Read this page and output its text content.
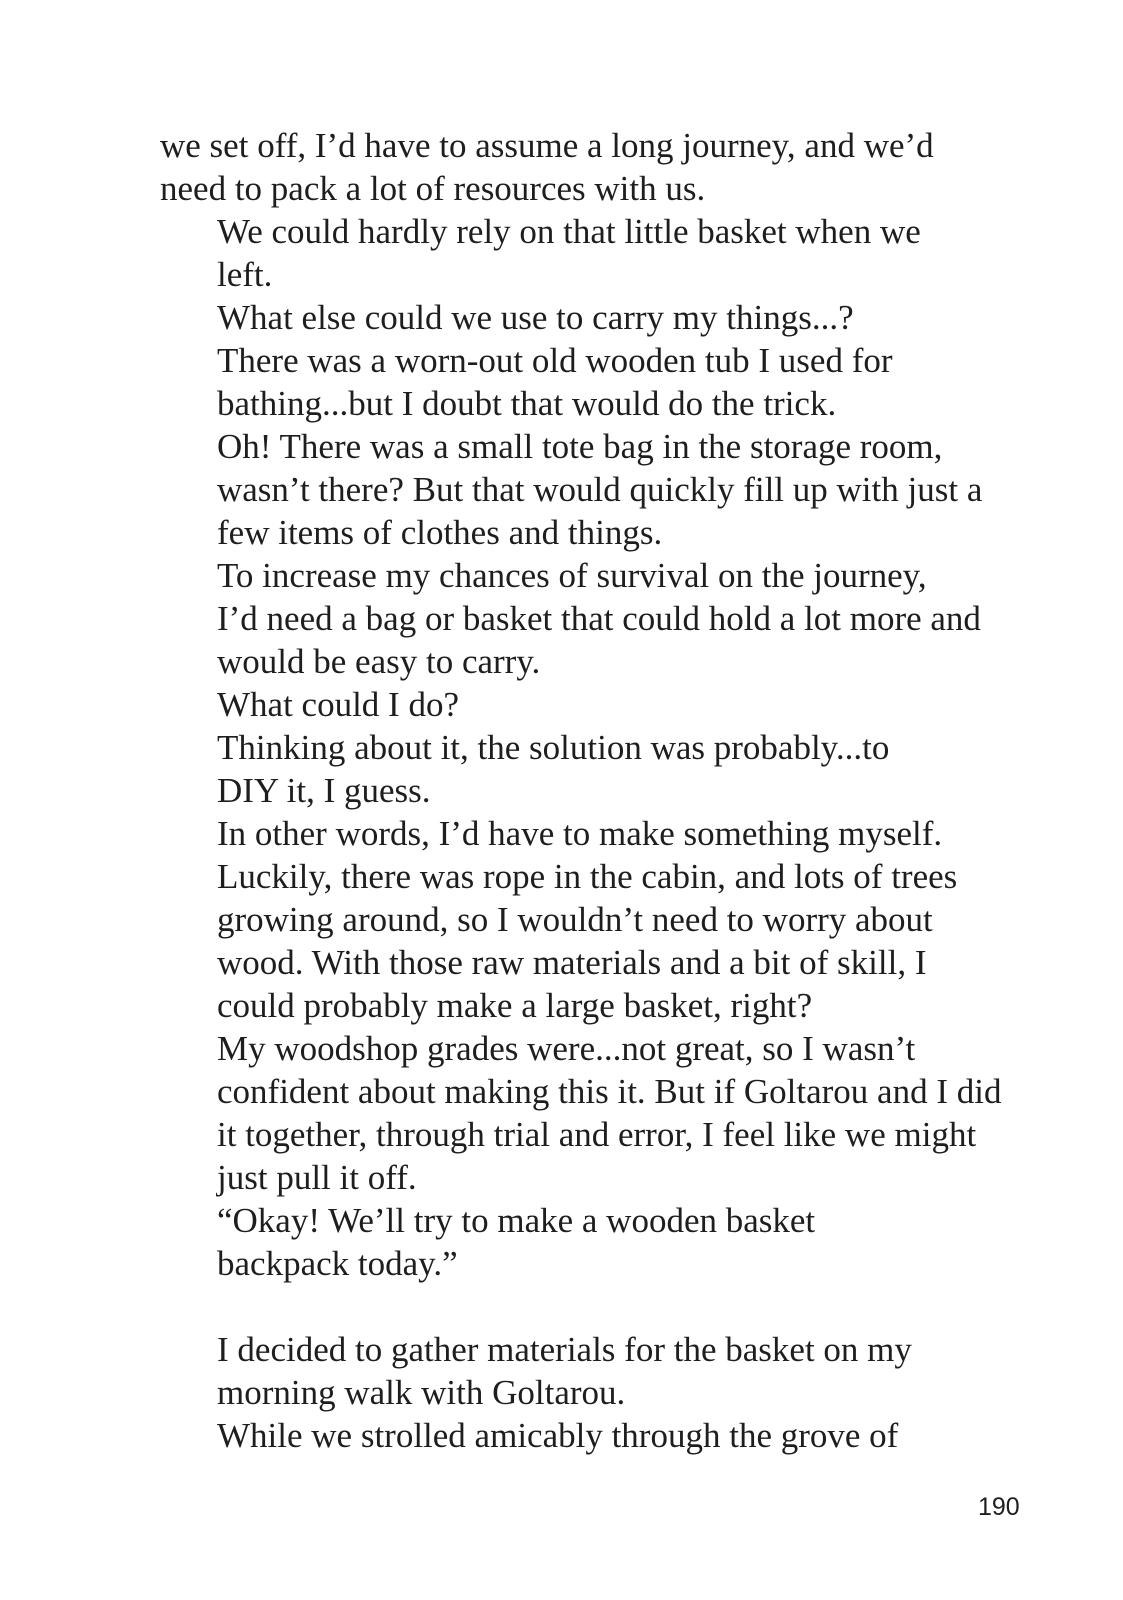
we set off, I’d have to assume a long journey, and we’d
need to pack a lot of resources with us.

We could hardly rely on that little basket when we
left.

What else could we use to carry my things...?

There was a worn-out old wooden tub I used for
bathing...but I doubt that would do the trick.

Oh! There was a small tote bag in the storage room,
wasn’t there? But that would quickly fill up with just a
few items of clothes and things.

To increase my chances of survival on the journey,
I’d need a bag or basket that could hold a lot more and
would be easy to carry.

What could I do?

Thinking about it, the solution was probably...to
DIY it, I guess.

In other words, I’d have to make something myself.
Luckily, there was rope in the cabin, and lots of trees
growing around, so I wouldn’t need to worry about
wood. With those raw materials and a bit of skill, I
could probably make a large basket, right?

My woodshop grades were...not great, so I wasn’t
confident about making this it. But if Goltarou and I did
it together, through trial and error, I feel like we might
just pull it off.

“Okay! We’ll try to make a wooden basket
backpack today.”

I decided to gather materials for the basket on my
morning walk with Goltarou.

While we strolled amicably through the grove of

190
